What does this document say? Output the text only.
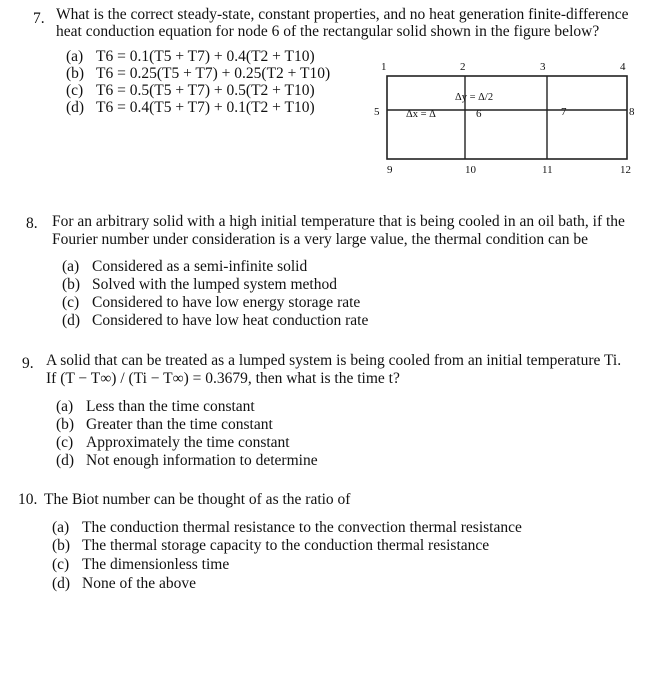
7. What is the correct steady-state, constant properties, and no heat generation finite-difference
heat conduction equation for node 6 of the rectangular solid shown in the figure below?
(a) T6 = 0.1(T5 + T7) + 0.4(T2 + T10)
(b) T6 = 0.25(T5 + T7) + 0.25(T2 + T10)
(c) T6 = 0.5(T5 + T7) + 0.5(T2 + T10)
(d) T6 = 0.4(T5 + T7) + 0.1(T2 + T10)
1	2	3	4
5	6	7	8
9	10	11	12
Δy = Δ/2
Δx = Δ
8. For an arbitrary solid with a high initial temperature that is being cooled in an oil bath, if the
Fourier number under consideration is a very large value, the thermal condition can be
(a) Considered as a semi-infinite solid
(b) Solved with the lumped system method
(c) Considered to have low energy storage rate
(d) Considered to have low heat conduction rate
9. A solid that can be treated as a lumped system is being cooled from an initial temperature Ti.
If (T − T∞) / (Ti − T∞) = 0.3679, then what is the time t?
(a) Less than the time constant
(b) Greater than the time constant
(c) Approximately the time constant
(d) Not enough information to determine
10. The Biot number can be thought of as the ratio of
(a) The conduction thermal resistance to the convection thermal resistance
(b) The thermal storage capacity to the conduction thermal resistance
(c) The dimensionless time
(d) None of the above
